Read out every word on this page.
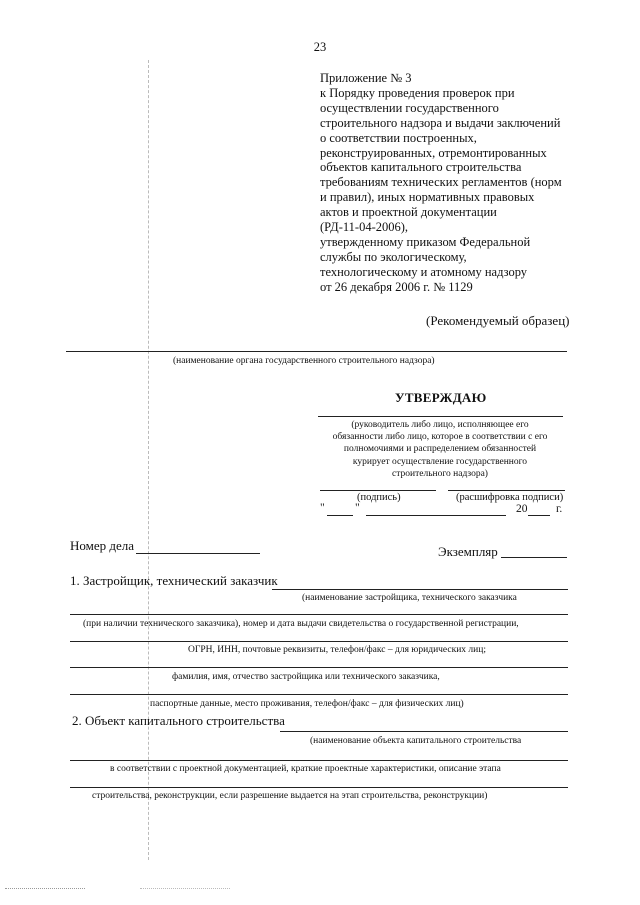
23
Приложение № 3
к Порядку проведения проверок при
осуществлении государственного
строительного надзора и выдачи заключений
о соответствии построенных,
реконструированных, отремонтированных
объектов капитального строительства
требованиям технических регламентов (норм
и правил), иных нормативных правовых
актов и проектной документации
(РД-11-04-2006),
утвержденному приказом Федеральной
службы по экологическому,
технологическому и атомному надзору
от 26 декабря 2006 г. № 1129
(Рекомендуемый образец)
(наименование органа государственного строительного надзора)
УТВЕРЖДАЮ
(руководитель либо лицо, исполняющее его
обязанности либо лицо, которое в соответствии с его
полномочиями и распределением обязанностей
курирует осуществление государственного
строительного надзора)
(подпись)	(расшифровка подписи)
"	"	20 г.
Номер дела	Экземпляр
1. Застройщик, технический заказчик
(наименование застройщика, технического заказчика
(при наличии технического заказчика), номер и дата выдачи свидетельства о государственной регистрации,
ОГРН, ИНН, почтовые реквизиты, телефон/факс – для юридических лиц;
фамилия, имя, отчество застройщика или технического заказчика,
паспортные данные, место проживания, телефон/факс – для физических лиц)
2. Объект капитального строительства
(наименование объекта капитального строительства
в соответствии с проектной документацией, краткие проектные характеристики, описание этапа
строительства, реконструкции, если разрешение выдается на этап строительства, реконструкции)
